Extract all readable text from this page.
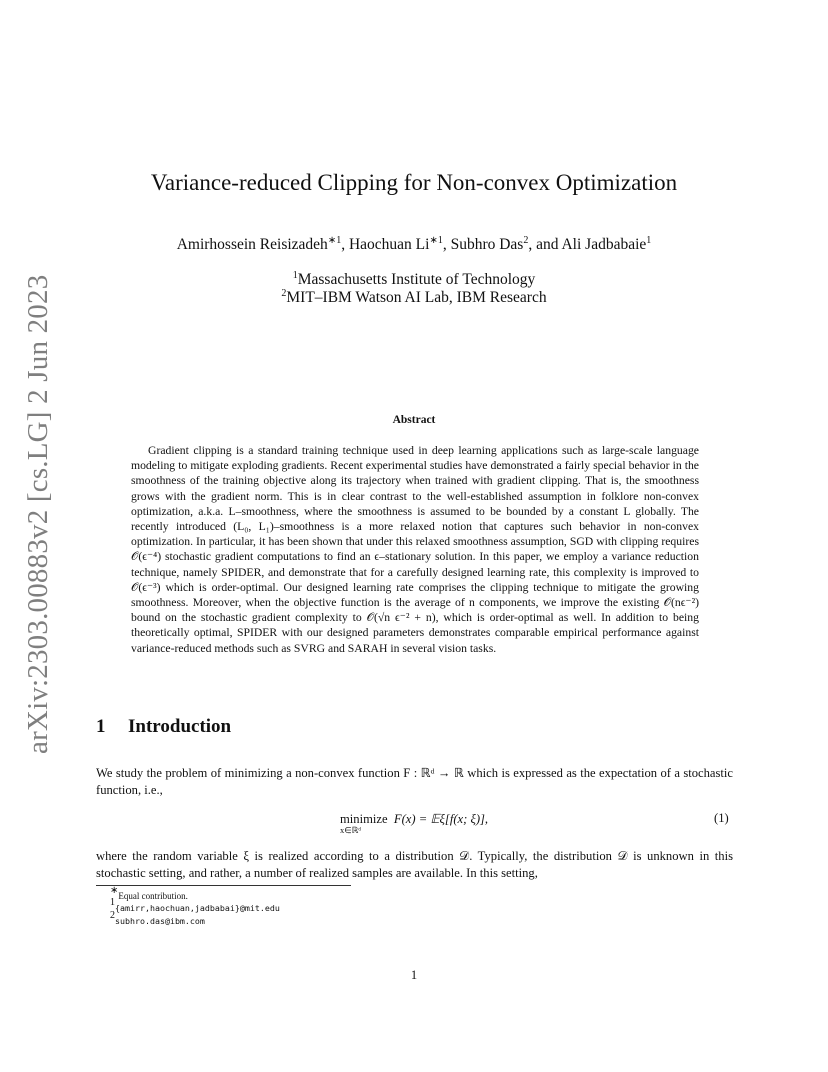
arXiv:2303.00883v2 [cs.LG] 2 Jun 2023
Variance-reduced Clipping for Non-convex Optimization
Amirhossein Reisizadeh$^{∗1}$, Haochuan $Li^{∗1}$, Subhro Das$^2$, and Ali Jadbabaie$^1$
$^1$Massachusetts Institute of Technology
$^2$MIT–IBM Watson AI Lab, IBM Research
Abstract
Gradient clipping is a standard training technique used in deep learning applications such as large-scale language modeling to mitigate exploding gradients. Recent experimental studies have demonstrated a fairly special behavior in the smoothness of the training objective along its trajectory when trained with gradient clipping. That is, the smoothness grows with the gradient norm. This is in clear contrast to the well-established assumption in folklore non-convex optimization, a.k.a. L–smoothness, where the smoothness is assumed to be bounded by a constant L globally. The recently introduced (L₀, L₁)–smoothness is a more relaxed notion that captures such behavior in non-convex optimization. In particular, it has been shown that under this relaxed smoothness assumption, SGD with clipping requires 𝒪(ϵ⁻⁴) stochastic gradient computations to find an ϵ–stationary solution. In this paper, we employ a variance reduction technique, namely SPIDER, and demonstrate that for a carefully designed learning rate, this complexity is improved to 𝒪(ϵ⁻³) which is order-optimal. Our designed learning rate comprises the clipping technique to mitigate the growing smoothness. Moreover, when the objective function is the average of n components, we improve the existing 𝒪(nϵ⁻²) bound on the stochastic gradient complexity to 𝒪(√n ϵ⁻² + n), which is order-optimal as well. In addition to being theoretically optimal, SPIDER with our designed parameters demonstrates comparable empirical performance against variance-reduced methods such as SVRG and SARAH in several vision tasks.
1 Introduction
We study the problem of minimizing a non-convex function F : ℝᵈ → ℝ which is expressed as the expectation of a stochastic function, i.e.,
minimize F(x) = 𝔼ξ[f(x; ξ)],
x∈ℝᵈ
(1)
where the random variable ξ is realized according to a distribution 𝒟. Typically, the distribution 𝒟 is unknown in this stochastic setting, and rather, a number of realized samples are available. In this setting,
∗Equal contribution.
$^1${amirr,haochuan,jadbabai}@mit.edu
$^2$subhro.das@ibm.com
1
